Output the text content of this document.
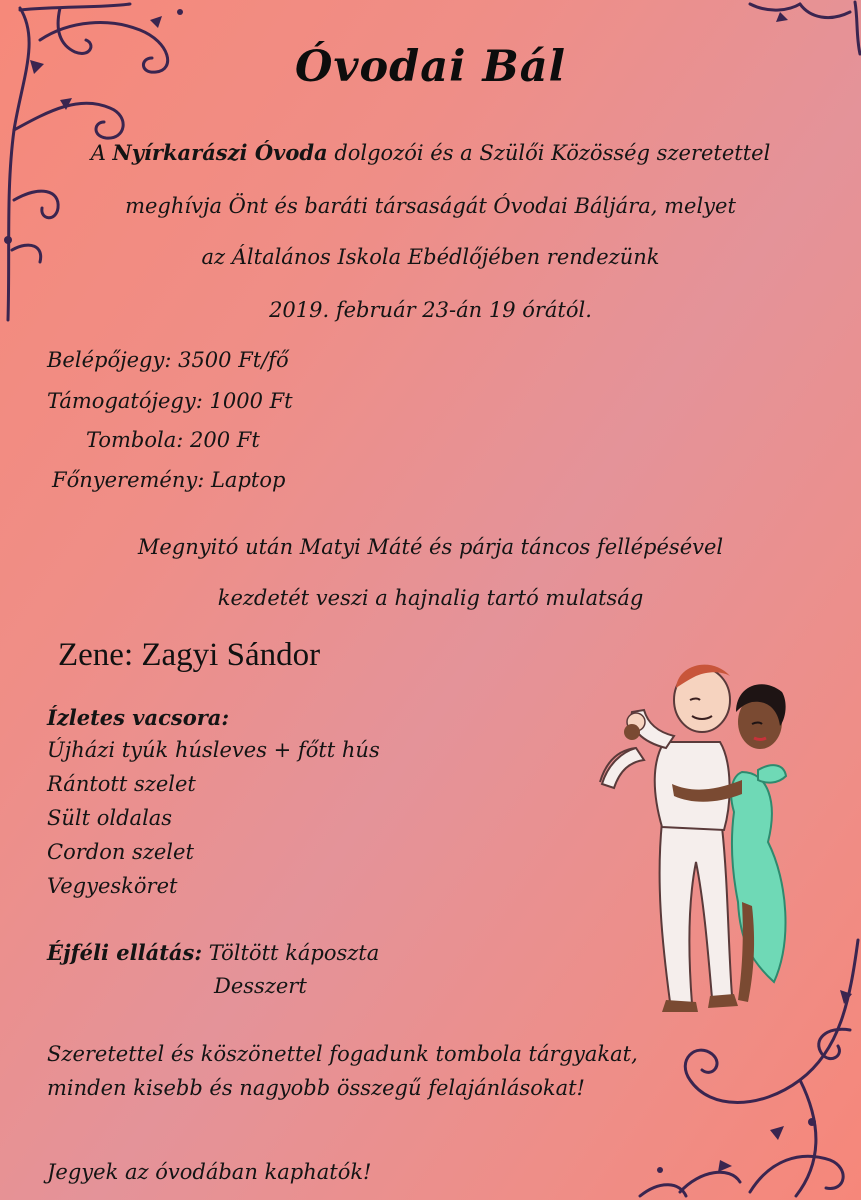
Óvodai Bál

A Nyírkarászi Óvoda dolgozói és a Szülői Közösség szeretettel

meghívja Önt és baráti társaságát Óvodai Báljára, melyet

az Általános Iskola Ebédlőjében rendezünk

2019. február 23-án 19 órától.

Belépőjegy: 3500 Ft/fő

Támogatójegy: 1000 Ft

Tombola: 200 Ft

Főnyeremény: Laptop

Megnyitó után Matyi Máté és párja táncos fellépésével

kezdetét veszi a hajnalig tartó mulatság

Zene: Zagyi Sándor

Ízletes vacsora:

Újházi tyúk húsleves + főtt hús

Rántott szelet

Sült oldalas

Cordon szelet

Vegyesköret

Éjféli ellátás: Töltött káposzta

Desszert

Szeretettel és köszönettel fogadunk tombola tárgyakat,

minden kisebb és nagyobb összegű felajánlásokat!

Jegyek az óvodában kaphatók!
